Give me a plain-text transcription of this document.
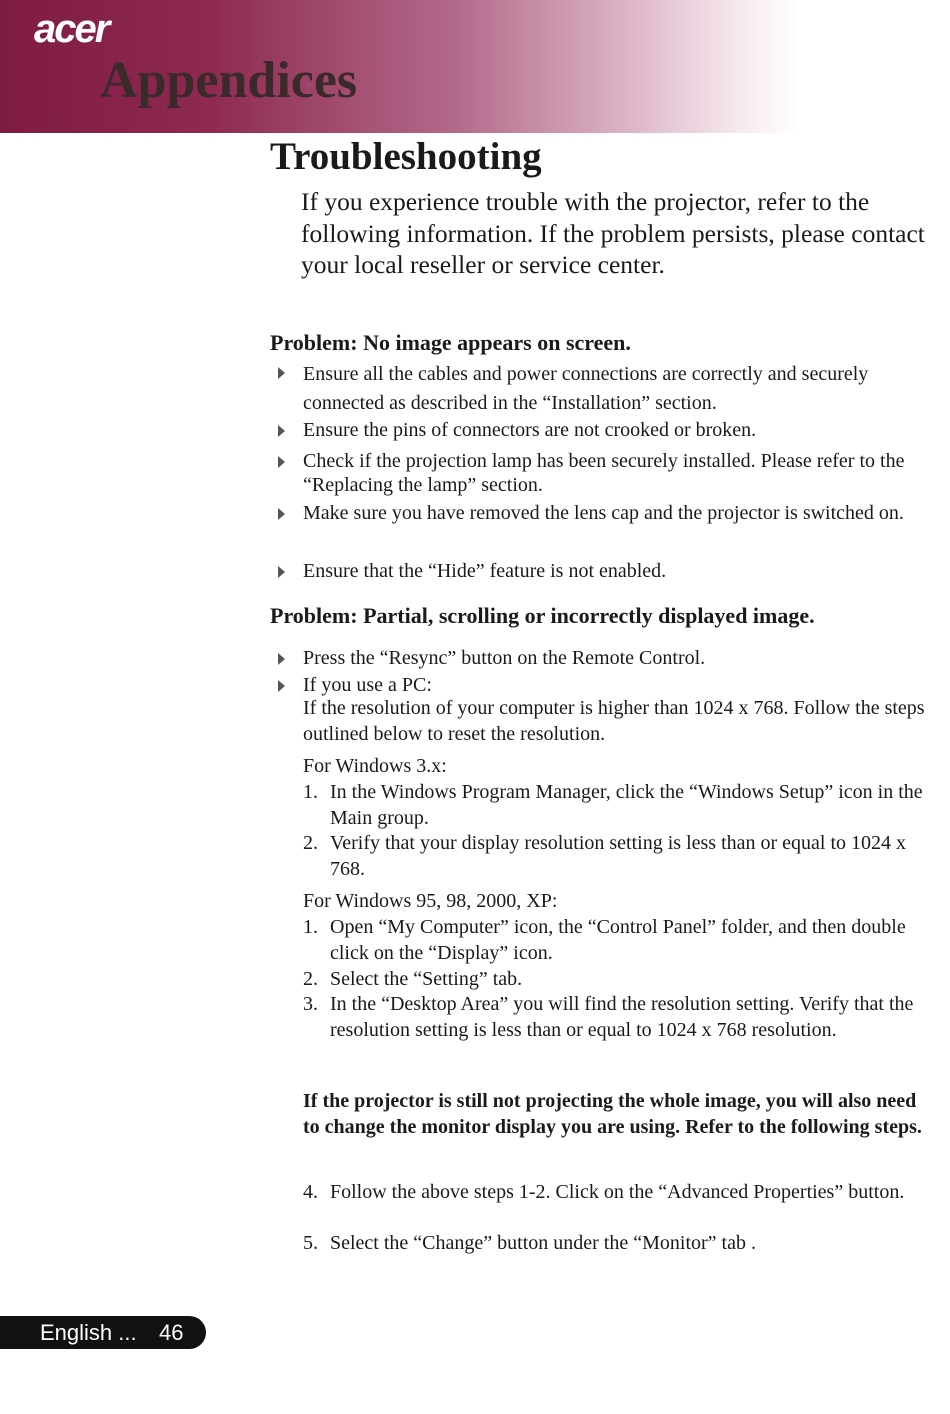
acer
Appendices
Troubleshooting

If you experience trouble with the projector, refer to the following information. If the problem persists, please contact your local reseller or service center.

Problem: No image appears on screen.
Ensure all the cables and power connections are correctly and securely connected as described in the “Installation” section.
Ensure the pins of connectors are not crooked or broken.
Check if the projection lamp has been securely installed. Please refer to the “Replacing the lamp” section.
Make sure you have removed the lens cap and the projector is switched on.
Ensure that the “Hide” feature is not enabled.
Problem: Partial, scrolling or incorrectly displayed image.
Press the “Resync” button on the Remote Control.
If you use a PC:
If the resolution of your computer is higher than 1024 x 768. Follow the steps outlined below to reset the resolution.
For Windows 3.x:
1. In the Windows Program Manager, click the “Windows Setup” icon in the Main group.
2. Verify that your display resolution setting is less than or equal to 1024 x 768.
For Windows 95, 98, 2000, XP:
1. Open “My Computer” icon, the “Control Panel” folder, and then double click on the “Display” icon.
2. Select the “Setting” tab.
3. In the “Desktop Area” you will find the resolution setting. Verify that the resolution setting is less than or equal to 1024 x 768 resolution.
If the projector is still not projecting the whole image, you will also need to change the monitor display you are using. Refer to the following steps.
4. Follow the above steps 1-2. Click on the “Advanced Properties” button.
5. Select the “Change” button under the “Monitor” tab .
English ... 46
